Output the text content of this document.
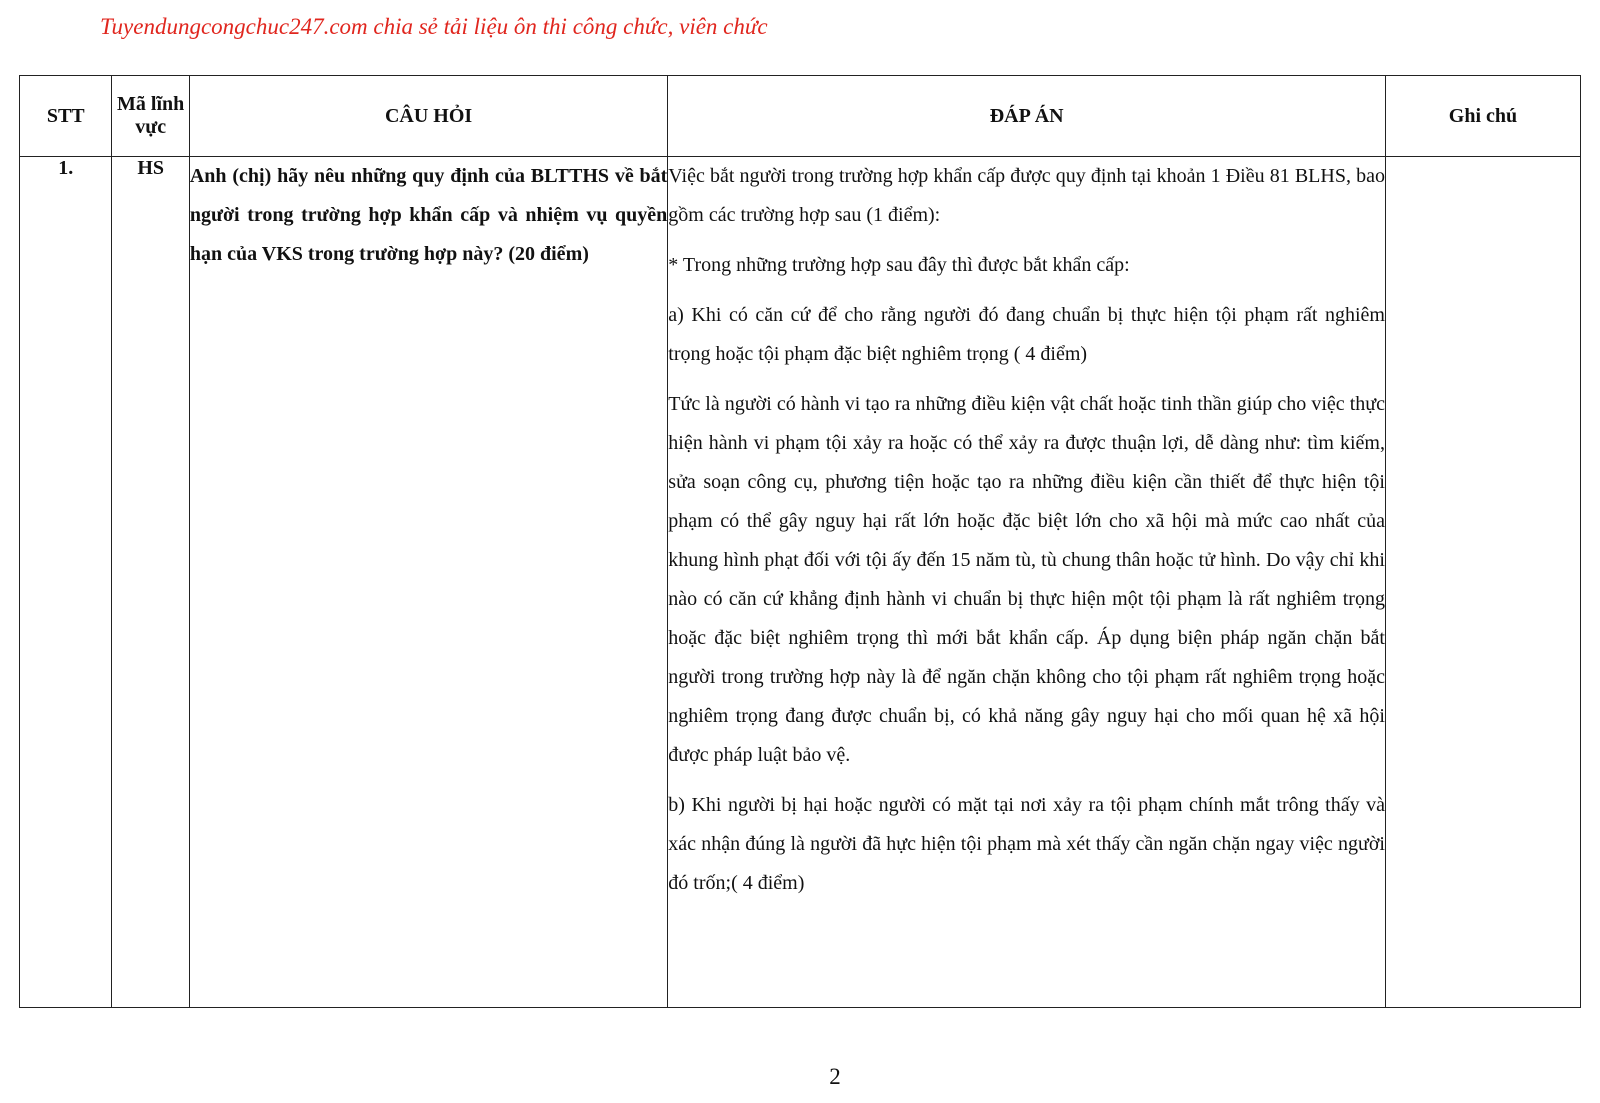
Tuyendungcongchuc247.com chia sẻ tải liệu ôn thi công chức, viên chức
STT	Mã lĩnh vực	CÂU HỎI	ĐÁP ÁN	Ghi chú
1.	HS	Anh (chị) hãy nêu những quy định của BLTTHS về bắt người trong trường hợp khẩn cấp và nhiệm vụ quyền hạn của VKS trong trường hợp này? (20 điểm)	Việc bắt người trong trường hợp khẩn cấp được quy định tại khoản 1 Điều 81 BLHS, bao gồm các trường hợp sau (1 điểm):

* Trong những trường hợp sau đây thì được bắt khẩn cấp:

a) Khi có căn cứ để cho rằng người đó đang chuẩn bị thực hiện tội phạm rất nghiêm trọng hoặc tội phạm đặc biệt nghiêm trọng ( 4 điểm)

Tức là người có hành vi tạo ra những điều kiện vật chất hoặc tinh thần giúp cho việc thực hiện hành vi phạm tội xảy ra hoặc có thể xảy ra được thuận lợi, dễ dàng như: tìm kiếm, sửa soạn công cụ, phương tiện hoặc tạo ra những điều kiện cần thiết để thực hiện tội phạm có thể gây nguy hại rất lớn hoặc đặc biệt lớn cho xã hội mà mức cao nhất của khung hình phạt đối với tội ấy đến 15 năm tù, tù chung thân hoặc tử hình. Do vậy chỉ khi nào có căn cứ khẳng định hành vi chuẩn bị thực hiện một tội phạm là rất nghiêm trọng hoặc đặc biệt nghiêm trọng thì mới bắt khẩn cấp. Áp dụng biện pháp ngăn chặn bắt người trong trường hợp này là để ngăn chặn không cho tội phạm rất nghiêm trọng hoặc nghiêm trọng đang được chuẩn bị, có khả năng gây nguy hại cho mối quan hệ xã hội được pháp luật bảo vệ.

b) Khi người bị hại hoặc người có mặt tại nơi xảy ra tội phạm chính mắt trông thấy và xác nhận đúng là người đã hực hiện tội phạm mà xét thấy cần ngăn chặn ngay việc người đó trốn;( 4 điểm)	

2
